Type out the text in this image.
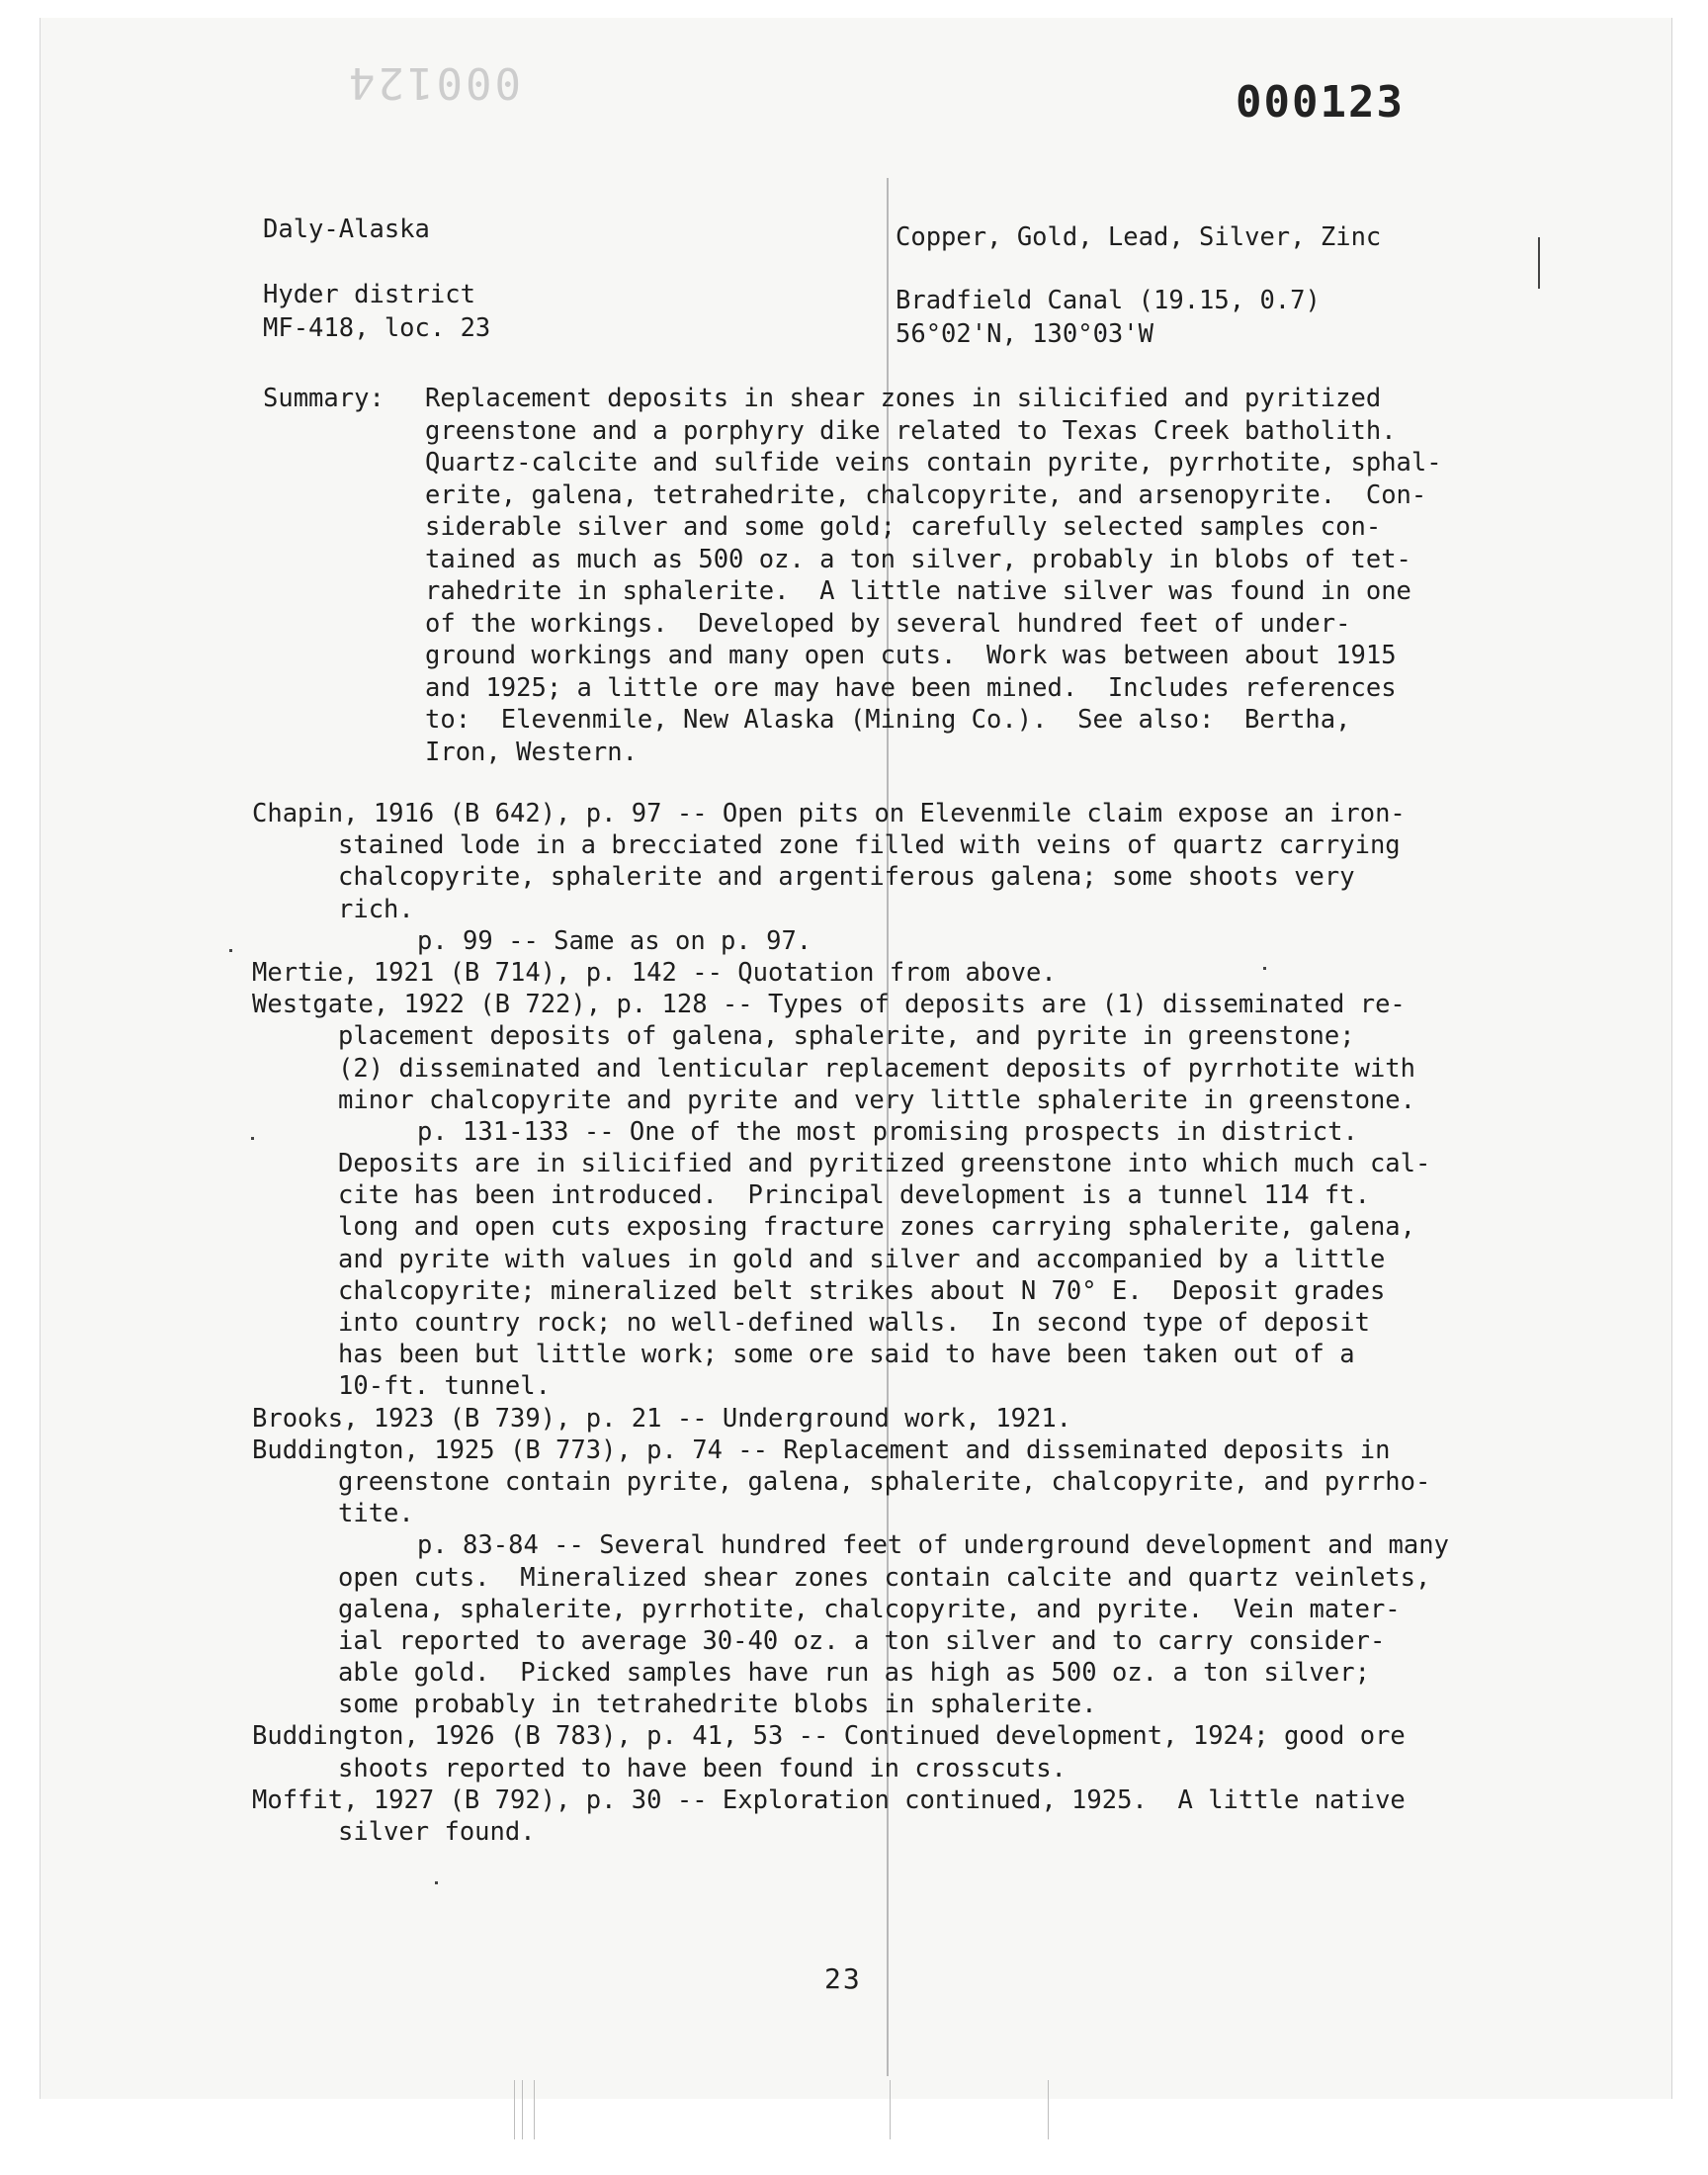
000124	000123
Daly-Alaska	Copper, Gold, Lead, Silver, Zinc
Hyder district
MF-418, loc. 23
Bradfield Canal (19.15, 0.7)
56°02'N, 130°03'W
Summary: Replacement deposits in shear zones in silicified and pyritized
greenstone and a porphyry dike related to Texas Creek batholith.
Quartz-calcite and sulfide veins contain pyrite, pyrrhotite, sphal-
erite, galena, tetrahedrite, chalcopyrite, and arsenopyrite.  Con-
siderable silver and some gold; carefully selected samples con-
tained as much as 500 oz. a ton silver, probably in blobs of tet-
rahedrite in sphalerite.  A little native silver was found in one
of the workings.  Developed by several hundred feet of under-
ground workings and many open cuts.  Work was between about 1915
and 1925; a little ore may have been mined.  Includes references
to:  Elevenmile, New Alaska (Mining Co.).  See also:  Bertha,
Iron, Western.
Chapin, 1916 (B 642), p. 97 -- Open pits on Elevenmile claim expose an iron-
stained lode in a brecciated zone filled with veins of quartz carrying
chalcopyrite, sphalerite and argentiferous galena; some shoots very
rich.
p. 99 -- Same as on p. 97.
Mertie, 1921 (B 714), p. 142 -- Quotation from above.
Westgate, 1922 (B 722), p. 128 -- Types of deposits are (1) disseminated re-
placement deposits of galena, sphalerite, and pyrite in greenstone;
(2) disseminated and lenticular replacement deposits of pyrrhotite with
minor chalcopyrite and pyrite and very little sphalerite in greenstone.
p. 131-133 -- One of the most promising prospects in district.
Deposits are in silicified and pyritized greenstone into which much cal-
cite has been introduced.  Principal development is a tunnel 114 ft.
long and open cuts exposing fracture zones carrying sphalerite, galena,
and pyrite with values in gold and silver and accompanied by a little
chalcopyrite; mineralized belt strikes about N 70° E.  Deposit grades
into country rock; no well-defined walls.  In second type of deposit
has been but little work; some ore said to have been taken out of a
10-ft. tunnel.
Brooks, 1923 (B 739), p. 21 -- Underground work, 1921.
Buddington, 1925 (B 773), p. 74 -- Replacement and disseminated deposits in
greenstone contain pyrite, galena, sphalerite, chalcopyrite, and pyrrho-
tite.
p. 83-84 -- Several hundred feet of underground development and many
open cuts.  Mineralized shear zones contain calcite and quartz veinlets,
galena, sphalerite, pyrrhotite, chalcopyrite, and pyrite.  Vein mater-
ial reported to average 30-40 oz. a ton silver and to carry consider-
able gold.  Picked samples have run as high as 500 oz. a ton silver;
some probably in tetrahedrite blobs in sphalerite.
Buddington, 1926 (B 783), p. 41, 53 -- Continued development, 1924; good ore
shoots reported to have been found in crosscuts.
Moffit, 1927 (B 792), p. 30 -- Exploration continued, 1925.  A little native
silver found.
23
